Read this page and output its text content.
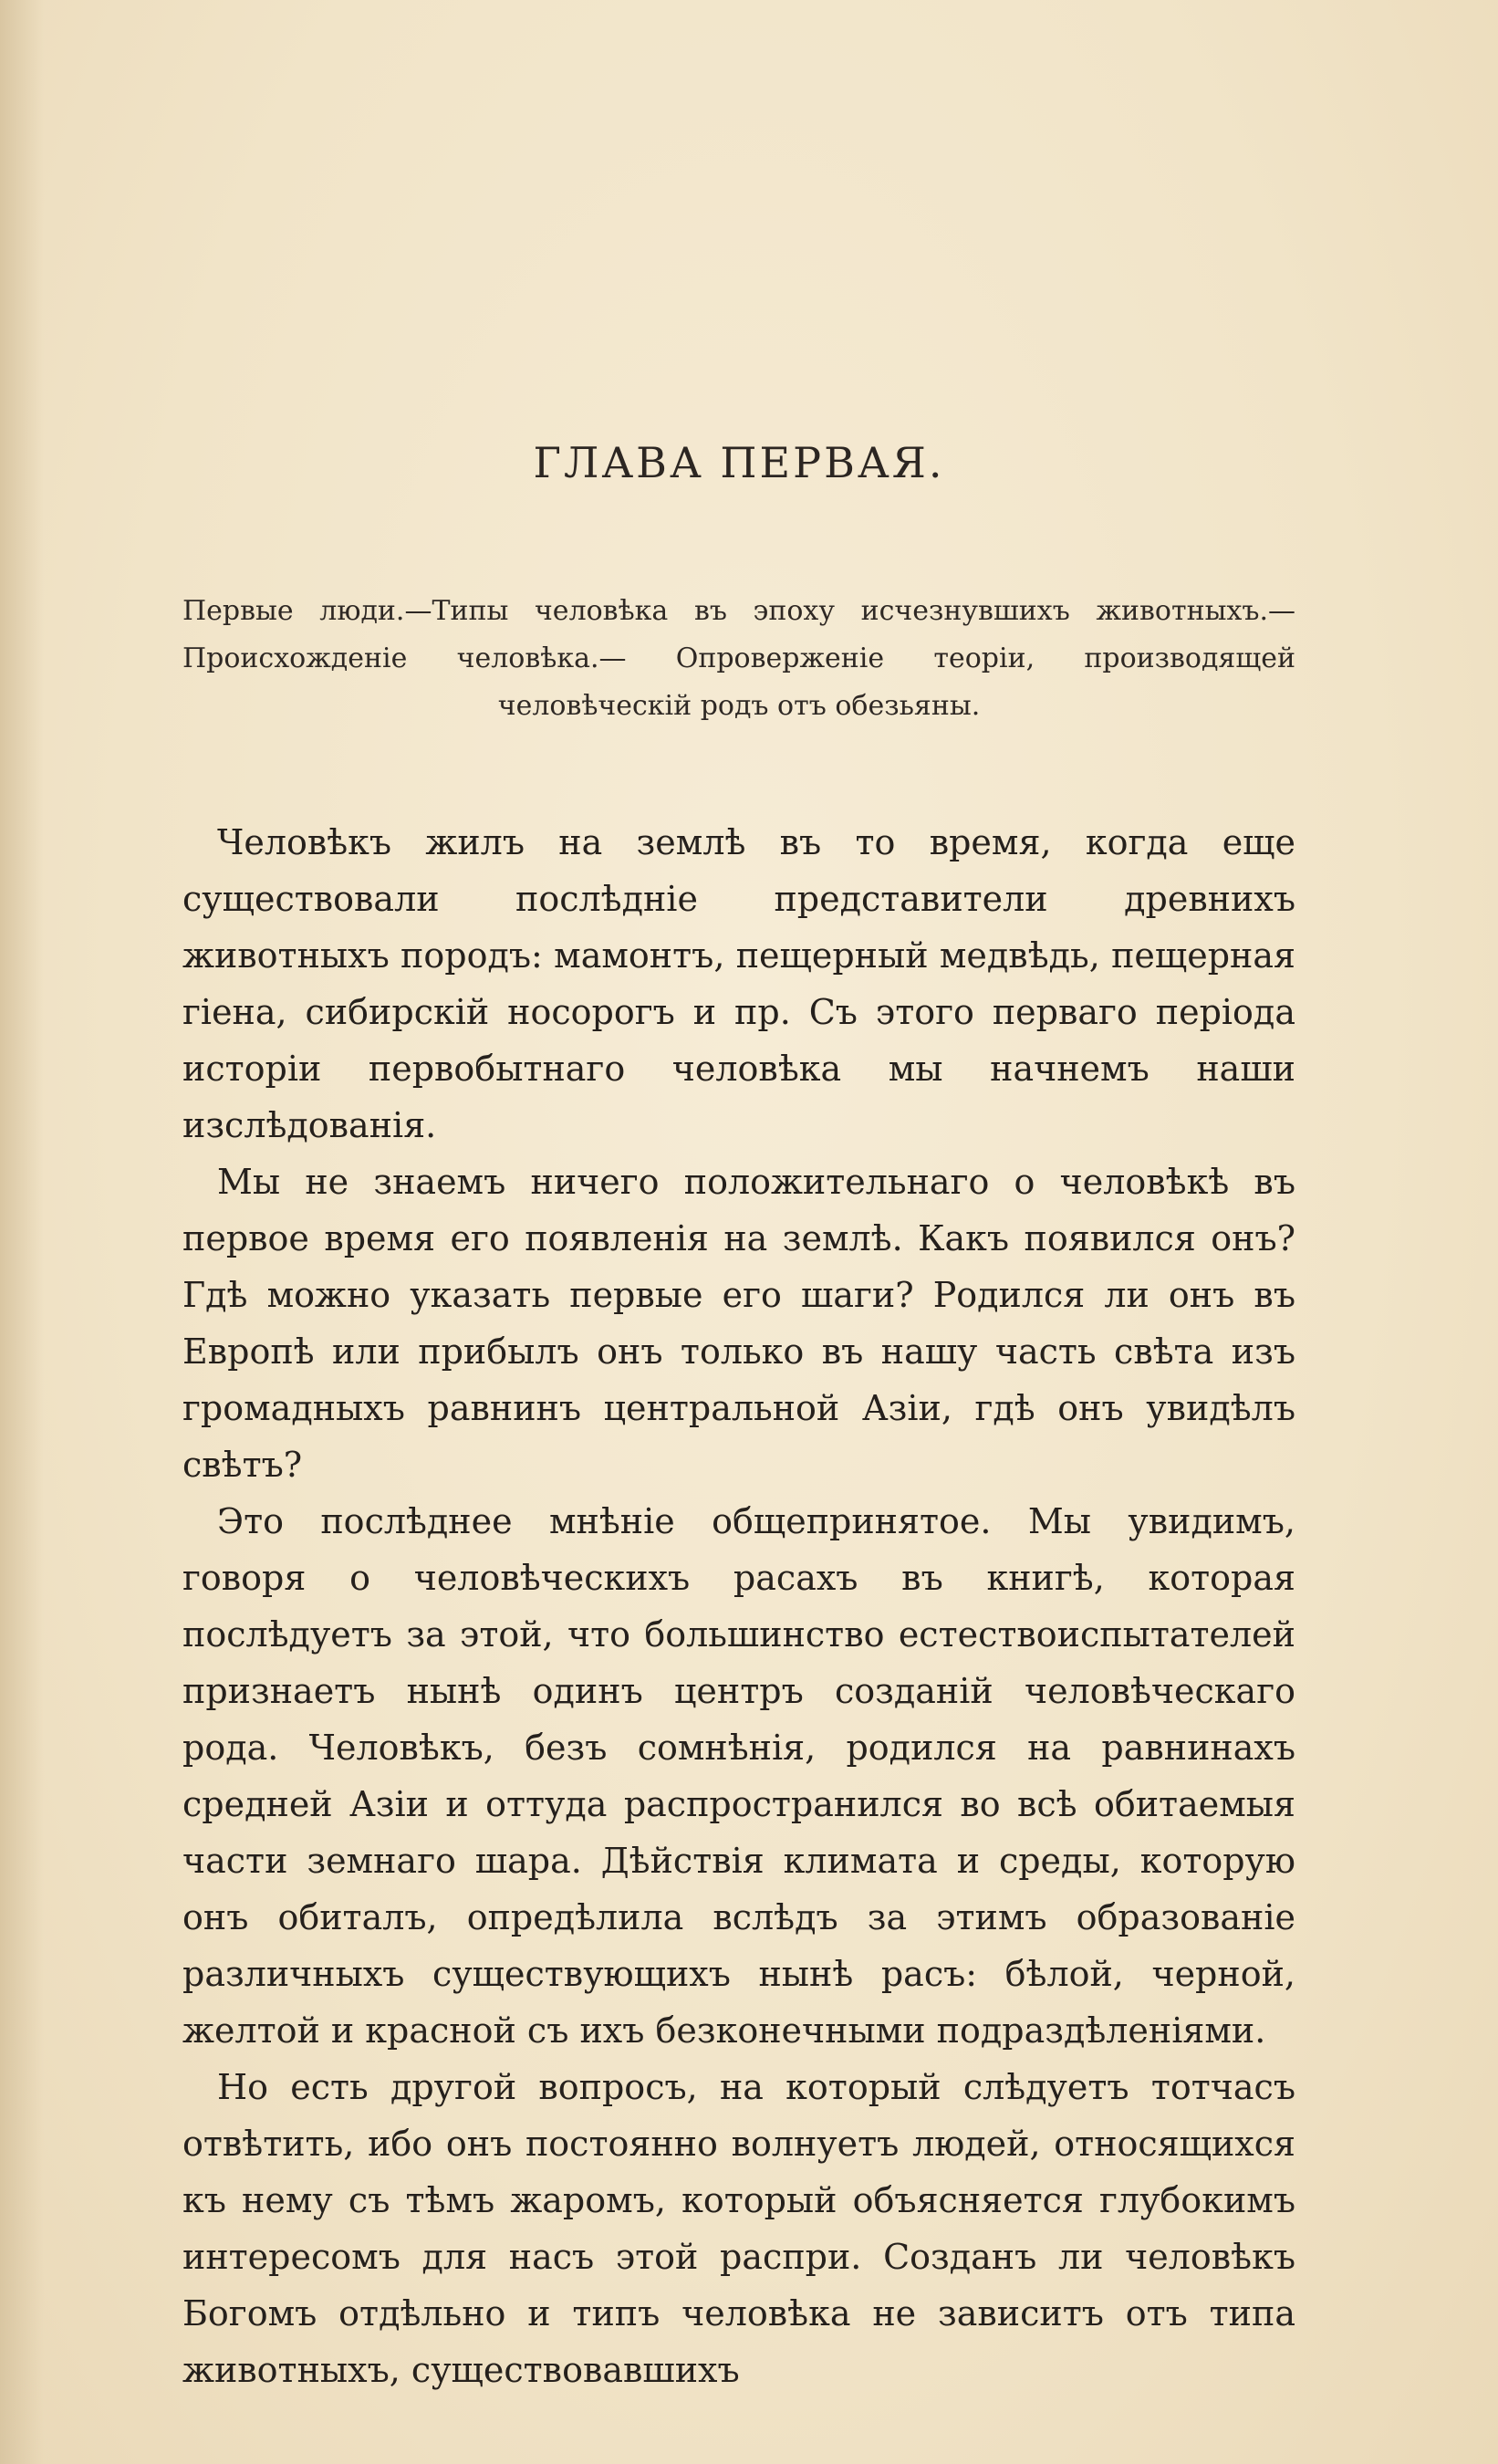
ГЛАВА ПЕРВАЯ.
Первые люди.—Типы человѣка въ эпоху исчезнувшихъ животныхъ.— Происхожденіе человѣка.— Опроверженіе теоріи, производящей человѣческій родъ отъ обезьяны.

Человѣкъ жилъ на землѣ въ то время, когда еще существовали послѣдніе представители древнихъ животныхъ породъ: мамонтъ, пещерный медвѣдь, пещерная гіена, сибирскій носорогъ и пр. Съ этого перваго періода исторіи первобытнаго человѣка мы начнемъ наши изслѣдованія.

Мы не знаемъ ничего положительнаго о человѣкѣ въ первое время его появленія на землѣ. Какъ появился онъ? Гдѣ можно указать первые его шаги? Родился ли онъ въ Европѣ или прибылъ онъ только въ нашу часть свѣта изъ громадныхъ равнинъ центральной Азіи, гдѣ онъ увидѣлъ свѣтъ?

Это послѣднее мнѣніе общепринятое. Мы увидимъ, говоря о человѣческихъ расахъ въ книгѣ, которая послѣдуетъ за этой, что большинство естествоиспытателей признаетъ нынѣ одинъ центръ созданій человѣческаго рода. Человѣкъ, безъ сомнѣнія, родился на равнинахъ средней Азіи и оттуда распространился во всѣ обитаемыя части земнаго шара. Дѣйствія климата и среды, которую онъ обиталъ, опредѣлила вслѣдъ за этимъ образованіе различныхъ существующихъ нынѣ расъ: бѣлой, черной, желтой и красной съ ихъ безконечными подраздѣленіями.

Но есть другой вопросъ, на который слѣдуетъ тотчасъ отвѣтить, ибо онъ постоянно волнуетъ людей, относящихся къ нему съ тѣмъ жаромъ, который объясняется глубокимъ интересомъ для насъ этой распри. Созданъ ли человѣкъ Богомъ отдѣльно и типъ человѣка не зависитъ отъ типа животныхъ, существовавшихъ
